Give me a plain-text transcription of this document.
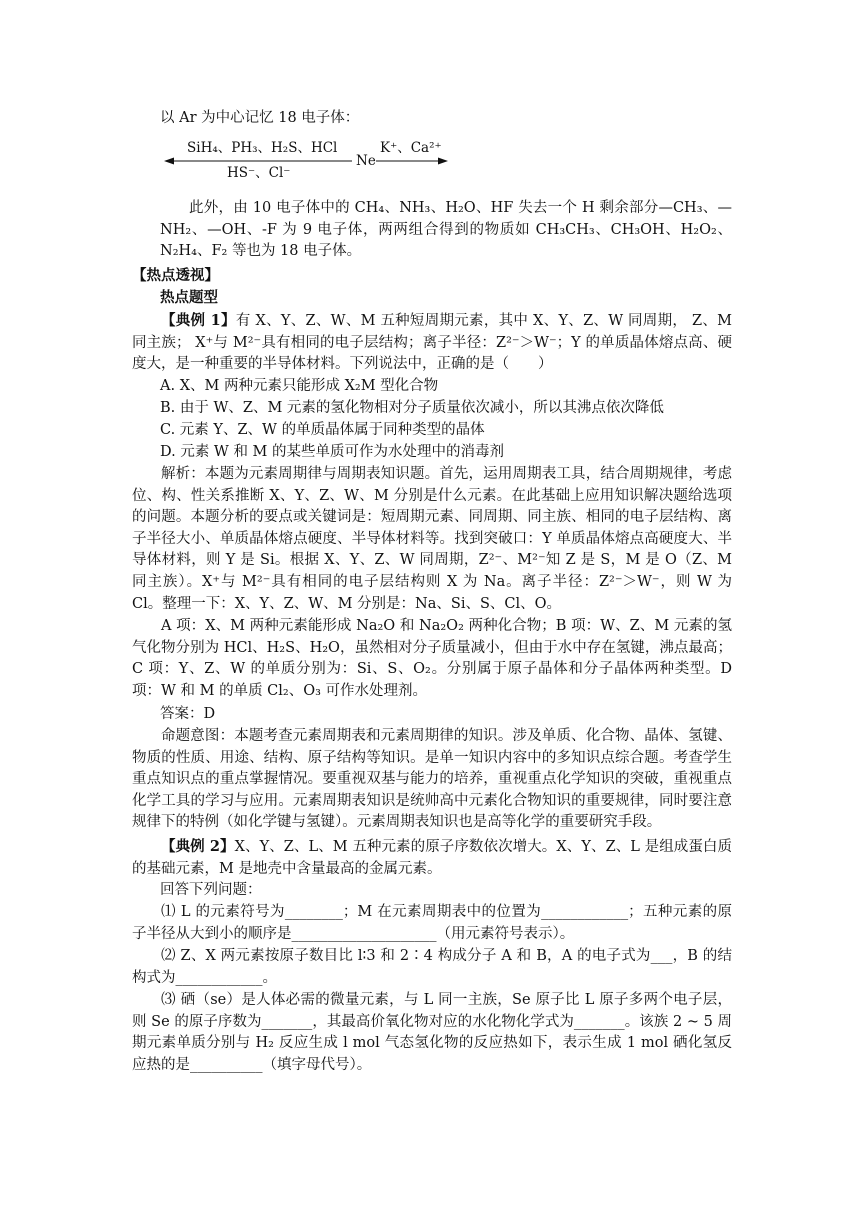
以 Ar 为中心记忆 18 电子体：
SiH₄、PH₃、H₂S、HCl
HS⁻、Cl⁻
Ne
K⁺、Ca²⁺
此外，由 10 电子体中的 CH₄、NH₃、H₂O、HF 失去一个 H 剩余部分—CH₃、—NH₂、—OH、-F 为 9 电子体，两两组合得到的物质如 CH₃CH₃、CH₃OH、H₂O₂、N₂H₄、F₂ 等也为 18 电子体。
【热点透视】
热点题型
【典例 1】有 X、Y、Z、W、M 五种短周期元素，其中 X、Y、Z、W 同周期， Z、M 同主族； X⁺与 M²⁻具有相同的电子层结构；离子半径：Z²⁻＞W⁻；Y 的单质晶体熔点高、硬度大，是一种重要的半导体材料。下列说法中，正确的是（　　）
A. X、M 两种元素只能形成 X₂M 型化合物
B. 由于 W、Z、M 元素的氢化物相对分子质量依次减小，所以其沸点依次降低
C. 元素 Y、Z、W 的单质晶体属于同种类型的晶体
D. 元素 W 和 M 的某些单质可作为水处理中的消毒剂
解析：本题为元素周期律与周期表知识题。首先，运用周期表工具，结合周期规律，考虑位、构、性关系推断 X、Y、Z、W、M 分别是什么元素。在此基础上应用知识解决题给选项的问题。本题分析的要点或关键词是：短周期元素、同周期、同主族、相同的电子层结构、离子半径大小、单质晶体熔点硬度、半导体材料等。找到突破口：Y 单质晶体熔点高硬度大、半导体材料，则 Y 是 Si。根据 X、Y、Z、W 同周期，Z²⁻、M²⁻知 Z 是 S，M 是 O（Z、M 同主族）。X⁺与 M²⁻具有相同的电子层结构则 X 为 Na。离子半径：Z²⁻＞W⁻，则 W 为 Cl。整理一下：X、Y、Z、W、M 分别是：Na、Si、S、Cl、O。
A 项：X、M 两种元素能形成 Na₂O 和 Na₂O₂ 两种化合物；B 项：W、Z、M 元素的氢气化物分别为 HCl、H₂S、H₂O，虽然相对分子质量减小，但由于水中存在氢键，沸点最高；C 项：Y、Z、W 的单质分别为：Si、S、O₂。分别属于原子晶体和分子晶体两种类型。D 项：W 和 M 的单质 Cl₂、O₃ 可作水处理剂。
答案：D
命题意图：本题考查元素周期表和元素周期律的知识。涉及单质、化合物、晶体、氢键、物质的性质、用途、结构、原子结构等知识。是单一知识内容中的多知识点综合题。考查学生重点知识点的重点掌握情况。要重视双基与能力的培养，重视重点化学知识的突破，重视重点化学工具的学习与应用。元素周期表知识是统帅高中元素化合物知识的重要规律，同时要注意规律下的特例（如化学键与氢键）。元素周期表知识也是高等化学的重要研究手段。
【典例 2】X、Y、Z、L、M 五种元素的原子序数依次增大。X、Y、Z、L 是组成蛋白质的基础元素，M 是地壳中含量最高的金属元素。
回答下列问题：
⑴ L 的元素符号为________；M 在元素周期表中的位置为____________；五种元素的原子半径从大到小的顺序是____________________（用元素符号表示）。
⑵ Z、X 两元素按原子数目比 l∶3 和 2∶4 构成分子 A 和 B，A 的电子式为___，B 的结构式为____________。
⑶ 硒（se）是人体必需的微量元素，与 L 同一主族，Se 原子比 L 原子多两个电子层，则 Se 的原子序数为_______，其最高价氧化物对应的水化物化学式为_______。该族 2 ~ 5 周期元素单质分别与 H₂ 反应生成 l mol 气态氢化物的反应热如下，表示生成 1 mol 硒化氢反应热的是__________（填字母代号）。
